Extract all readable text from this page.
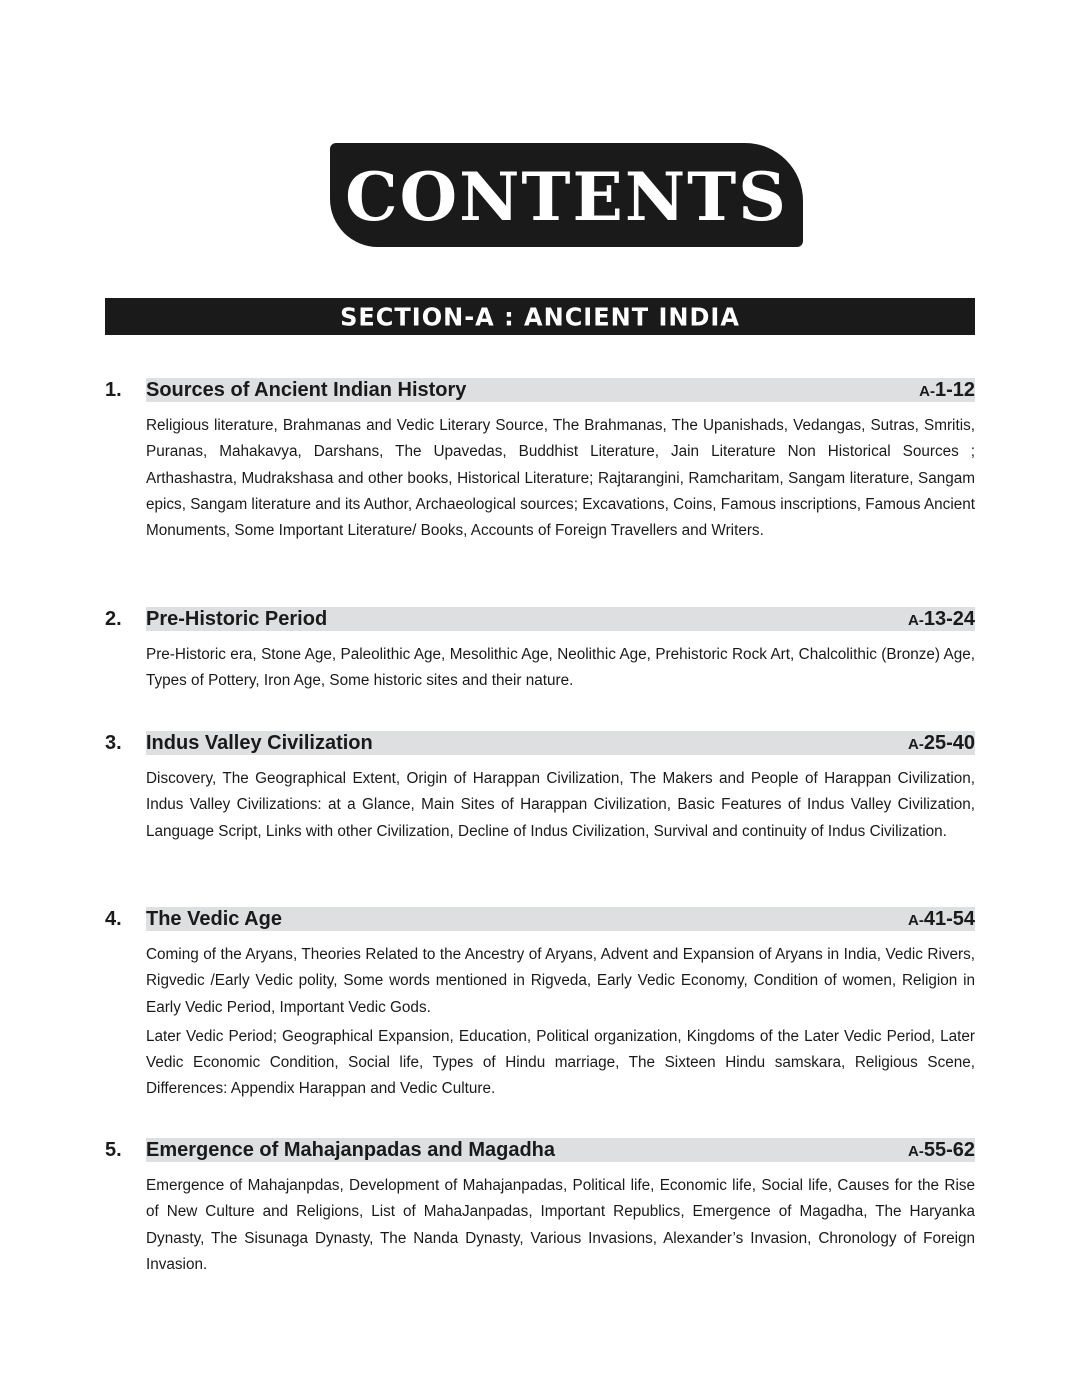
CONTENTS
SECTION-A : ANCIENT INDIA
1.	Sources of Ancient Indian History	A-1-12

Religious literature, Brahmanas and Vedic Literary Source, The Brahmanas, The Upanishads, Vedangas, Sutras, Smritis, Puranas, Mahakavya, Darshans, The Upavedas, Buddhist Literature, Jain Literature Non Historical Sources ; Arthashastra, Mudrakshasa and other books, Historical Literature; Rajtarangini, Ramcharitam, Sangam literature, Sangam epics, Sangam literature and its Author, Archaeological sources; Excavations, Coins, Famous inscriptions, Famous Ancient Monuments, Some Important Literature/ Books, Accounts of Foreign Travellers and Writers.

2.	Pre-Historic Period	A-13-24

Pre-Historic era, Stone Age, Paleolithic Age, Mesolithic Age, Neolithic Age, Prehistoric Rock Art, Chalcolithic (Bronze) Age, Types of Pottery, Iron Age, Some historic sites and their nature.

3.	Indus Valley Civilization	A-25-40

Discovery, The Geographical Extent, Origin of Harappan Civilization, The Makers and People of Harappan Civilization, Indus Valley Civilizations: at a Glance, Main Sites of Harappan Civilization, Basic Features of Indus Valley Civilization, Language Script, Links with other Civilization, Decline of Indus Civilization, Survival and continuity of Indus Civilization.

4.	The Vedic Age	A-41-54

Coming of the Aryans, Theories Related to the Ancestry of Aryans, Advent and Expansion of Aryans in India, Vedic Rivers, Rigvedic /Early Vedic polity, Some words mentioned in Rigveda, Early Vedic Economy, Condition of women, Religion in Early Vedic Period, Important Vedic Gods.

Later Vedic Period; Geographical Expansion, Education, Political organization, Kingdoms of the Later Vedic Period, Later Vedic Economic Condition, Social life, Types of Hindu marriage, The Sixteen Hindu samskara, Religious Scene, Differences: Appendix Harappan and Vedic Culture.

5.	Emergence of Mahajanpadas and Magadha	A-55-62

Emergence of Mahajanpdas, Development of Mahajanpadas, Political life, Economic life, Social life, Causes for the Rise of New Culture and Religions, List of MahaJanpadas, Important Republics, Emergence of Magadha, The Haryanka Dynasty, The Sisunaga Dynasty, The Nanda Dynasty, Various Invasions, Alexander’s Invasion, Chronology of Foreign Invasion.
